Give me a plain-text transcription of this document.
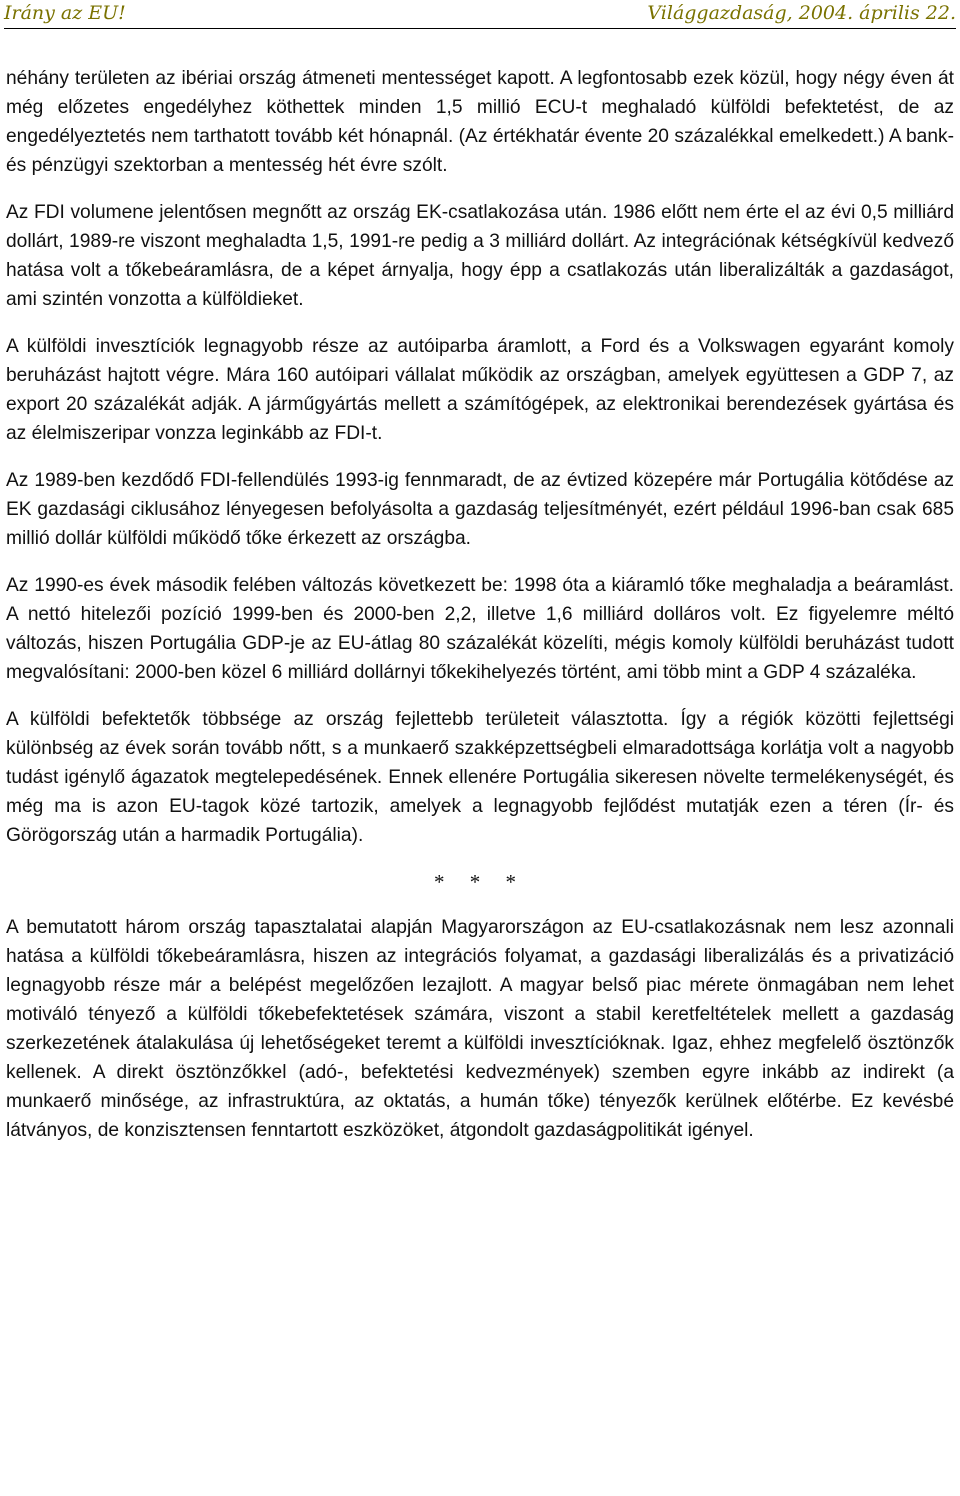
Irány az EU!	Világgazdaság, 2004. április 22.

néhány területen az ibériai ország átmeneti mentességet kapott. A legfontosabb ezek közül, hogy négy éven át még előzetes engedélyhez köthettek minden 1,5 millió ECU-t meghaladó külföldi befektetést, de az engedélyeztetés nem tarthatott tovább két hónapnál. (Az értékhatár évente 20 százalékkal emelkedett.) A bank- és pénzügyi szektorban a mentesség hét évre szólt.

Az FDI volumene jelentősen megnőtt az ország EK-csatlakozása után. 1986 előtt nem érte el az évi 0,5 milliárd dollárt, 1989-re viszont meghaladta 1,5, 1991-re pedig a 3 milliárd dollárt. Az integrációnak kétségkívül kedvező hatása volt a tőkebeáramlásra, de a képet árnyalja, hogy épp a csatlakozás után liberalizálták a gazdaságot, ami szintén vonzotta a külföldieket.

A külföldi invesztíciók legnagyobb része az autóiparba áramlott, a Ford és a Volkswagen egyaránt komoly beruházást hajtott végre. Mára 160 autóipari vállalat működik az országban, amelyek együttesen a GDP 7, az export 20 százalékát adják. A járműgyártás mellett a számítógépek, az elektronikai berendezések gyártása és az élelmiszeripar vonzza leginkább az FDI-t.

Az 1989-ben kezdődő FDI-fellendülés 1993-ig fennmaradt, de az évtized közepére már Portugália kötődése az EK gazdasági ciklusához lényegesen befolyásolta a gazdaság teljesítményét, ezért például 1996-ban csak 685 millió dollár külföldi működő tőke érkezett az országba.

Az 1990-es évek második felében változás következett be: 1998 óta a kiáramló tőke meghaladja a beáramlást. A nettó hitelezői pozíció 1999-ben és 2000-ben 2,2, illetve 1,6 milliárd dolláros volt. Ez figyelemre méltó változás, hiszen Portugália GDP-je az EU-átlag 80 százalékát közelíti, mégis komoly külföldi beruházást tudott megvalósítani: 2000-ben közel 6 milliárd dollárnyi tőkekihelyezés történt, ami több mint a GDP 4 százaléka.

A külföldi befektetők többsége az ország fejlettebb területeit választotta. Így a régiók közötti fejlettségi különbség az évek során tovább nőtt, s a munkaerő szakképzettségbeli elmaradottsága korlátja volt a nagyobb tudást igénylő ágazatok megtelepedésének. Ennek ellenére Portugália sikeresen növelte termelékenységét, és még ma is azon EU-tagok közé tartozik, amelyek a legnagyobb fejlődést mutatják ezen a téren (Ír- és Görögország után a harmadik Portugália).

* * *

A bemutatott három ország tapasztalatai alapján Magyarországon az EU-csatlakozásnak nem lesz azonnali hatása a külföldi tőkebeáramlásra, hiszen az integrációs folyamat, a gazdasági liberalizálás és a privatizáció legnagyobb része már a belépést megelőzően lezajlott. A magyar belső piac mérete önmagában nem lehet motiváló tényező a külföldi tőkebefektetések számára, viszont a stabil keretfeltételek mellett a gazdaság szerkezetének átalakulása új lehetőségeket teremt a külföldi invesztícióknak. Igaz, ehhez megfelelő ösztönzők kellenek. A direkt ösztönzőkkel (adó-, befektetési kedvezmények) szemben egyre inkább az indirekt (a munkaerő minősége, az infrastruktúra, az oktatás, a humán tőke) tényezők kerülnek előtérbe. Ez kevésbé látványos, de konzisztensen fenntartott eszközöket, átgondolt gazdaságpolitikát igényel.
